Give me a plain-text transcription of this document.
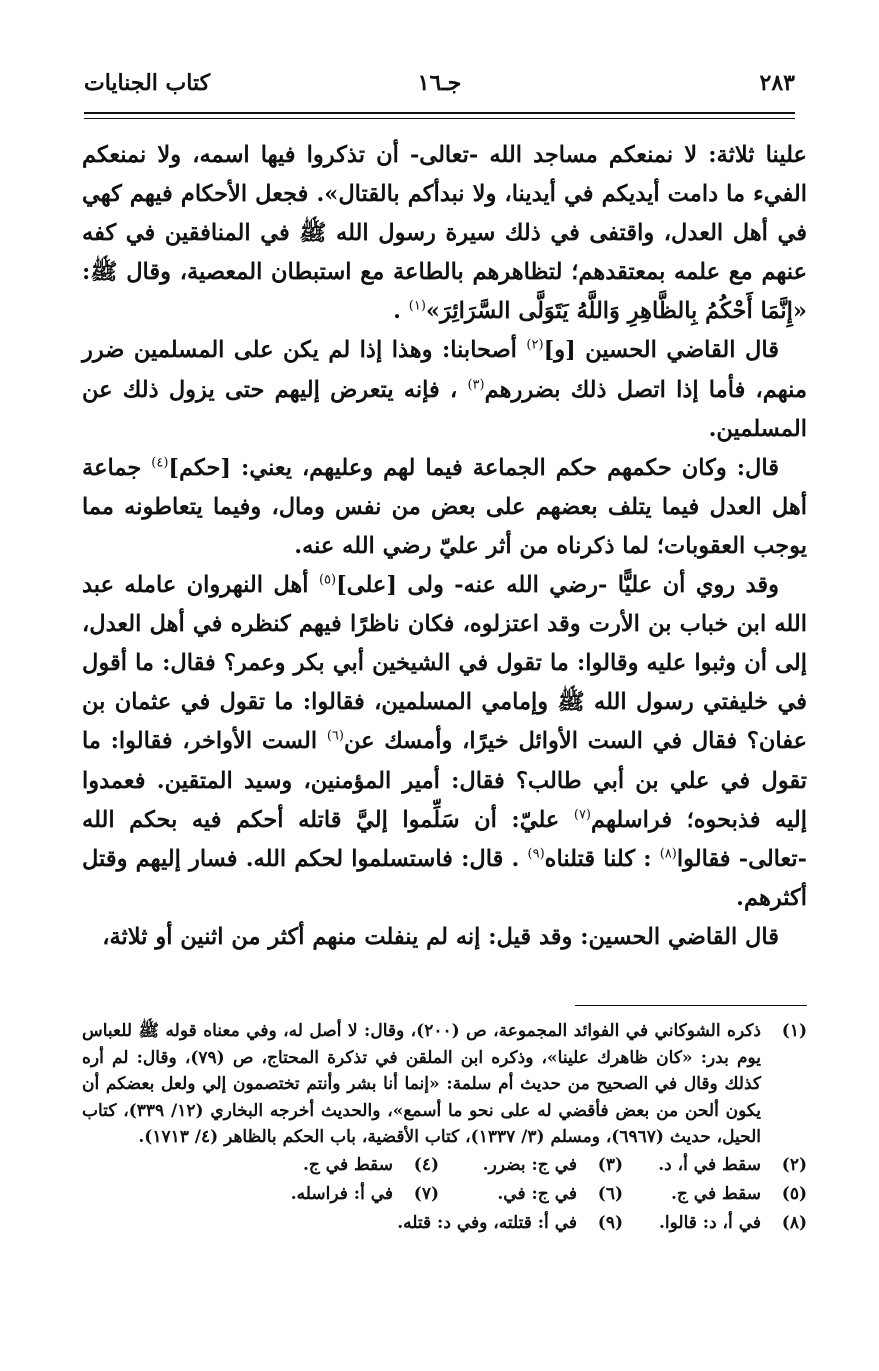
كتاب الجنايات	جـ١٦	٢٨٣

علينا ثلاثة: لا نمنعكم مساجد الله -تعالى- أن تذكروا فيها اسمه، ولا نمنعكم الفيء ما دامت أيديكم في أيدينا، ولا نبدأكم بالقتال». فجعل الأحكام فيهم كهي في أهل العدل، واقتفى في ذلك سيرة رسول الله ﷺ في المنافقين في كفه عنهم مع علمه بمعتقدهم؛ لتظاهرهم بالطاعة مع استبطان المعصية، وقال ﷺ: «إِنَّمَا أَحْكُمُ بِالظَّاهِرِ وَاللَّهُ يَتَوَلَّى السَّرَائِرَ»$^{(١)}$ .

قال القاضي الحسين [و]$^{(٢)}$ أصحابنا: وهذا إذا لم يكن على المسلمين ضرر منهم، فأما إذا اتصل ذلك بضررهم$^{(٣)}$ ، فإنه يتعرض إليهم حتى يزول ذلك عن المسلمين.

قال: وكان حكمهم حكم الجماعة فيما لهم وعليهم، يعني: [حكم]$^{(٤)}$ جماعة أهل العدل فيما يتلف بعضهم على بعض من نفس ومال، وفيما يتعاطونه مما يوجب العقوبات؛ لما ذكرناه من أثر عليّ رضي الله عنه.

وقد روي أن عليًّا -رضي الله عنه- ولى [على]$^{(٥)}$ أهل النهروان عامله عبد الله ابن خباب بن الأرت وقد اعتزلوه، فكان ناظرًا فيهم كنظره في أهل العدل، إلى أن وثبوا عليه وقالوا: ما تقول في الشيخين أبي بكر وعمر؟ فقال: ما أقول في خليفتي رسول الله ﷺ وإمامي المسلمين، فقالوا: ما تقول في عثمان بن عفان؟ فقال في الست الأوائل خيرًا، وأمسك عن$^{(٦)}$ الست الأواخر، فقالوا: ما تقول في علي بن أبي طالب؟ فقال: أمير المؤمنين، وسيد المتقين. فعمدوا إليه فذبحوه؛ فراسلهم$^{(٧)}$ عليّ: أن سَلِّموا إليَّ قاتله أحكم فيه بحكم الله -تعالى- فقالوا$^{(٨)}$ : كلنا قتلناه$^{(٩)}$ . قال: فاستسلموا لحكم الله. فسار إليهم وقتل أكثرهم.

قال القاضي الحسين: وقد قيل: إنه لم ينفلت منهم أكثر من اثنين أو ثلاثة،

(١)
ذكره الشوكاني في الفوائد المجموعة، ص (٢٠٠)، وقال: لا أصل له، وفي معناه قوله ﷺ للعباس يوم بدر: «كان ظاهرك علينا»، وذكره ابن الملقن في تذكرة المحتاج، ص (٧٩)، وقال: لم أره كذلك وقال في الصحيح من حديث أم سلمة: «إنما أنا بشر وأنتم تختصمون إلي ولعل بعضكم أن يكون ألحن من بعض فأقضي له على نحو ما أسمع»، والحديث أخرجه البخاري (١٢/ ٣٣٩)، كتاب الحيل، حديث (٦٩٦٧)، ومسلم (٣/ ١٣٣٧)، كتاب الأقضية، باب الحكم بالظاهر (٤/ ١٧١٣).
(٢)
سقط في أ، د.
(٣)
في ج: بضرر.
(٤)
سقط في ج.
(٥)
سقط في ج.
(٦)
في ج: في.
(٧)
في أ: فراسله.
(٨)
في أ، د: قالوا.
(٩)
في أ: قتلته، وفي د: قتله.
